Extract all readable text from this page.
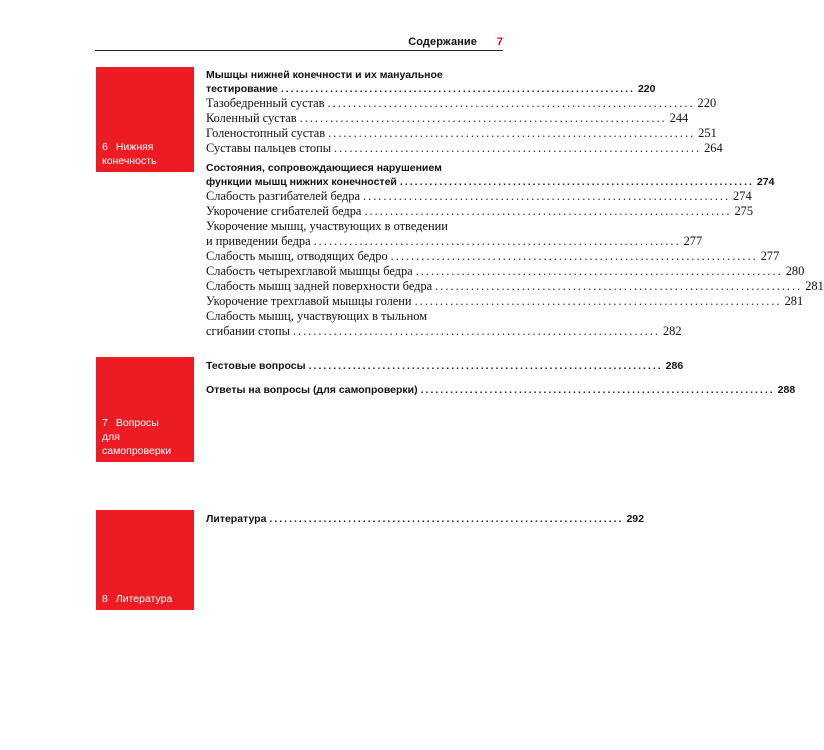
Содержание 7
6 Нижняя
конечность
Мышцы нижней конечности и их мануальное
тестирование ........................................................................ 220
Тазобедренный сустав ........................................................................ 220
Коленный сустав ........................................................................ 244
Голеностопный сустав ........................................................................ 251
Суставы пальцев стопы ........................................................................ 264
Состояния, сопровождающиеся нарушением
функции мышц нижних конечностей ........................................................................ 274
Слабость разгибателей бедра ........................................................................ 274
Укорочение сгибателей бедра ........................................................................ 275
Укорочение мышц, участвующих в отведении
и приведении бедра ........................................................................ 277
Слабость мышц, отводящих бедро ........................................................................ 277
Слабость четырехглавой мышцы бедра ........................................................................ 280
Слабость мышц задней поверхности бедра ........................................................................ 281
Укорочение трехглавой мышцы голени ........................................................................ 281
Слабость мышц, участвующих в тыльном
сгибании стопы ........................................................................ 282
7 Вопросы
для самопроверки
Тестовые вопросы ........................................................................ 286
Ответы на вопросы (для самопроверки) ........................................................................ 288
8 Литература
Литература ........................................................................ 292
